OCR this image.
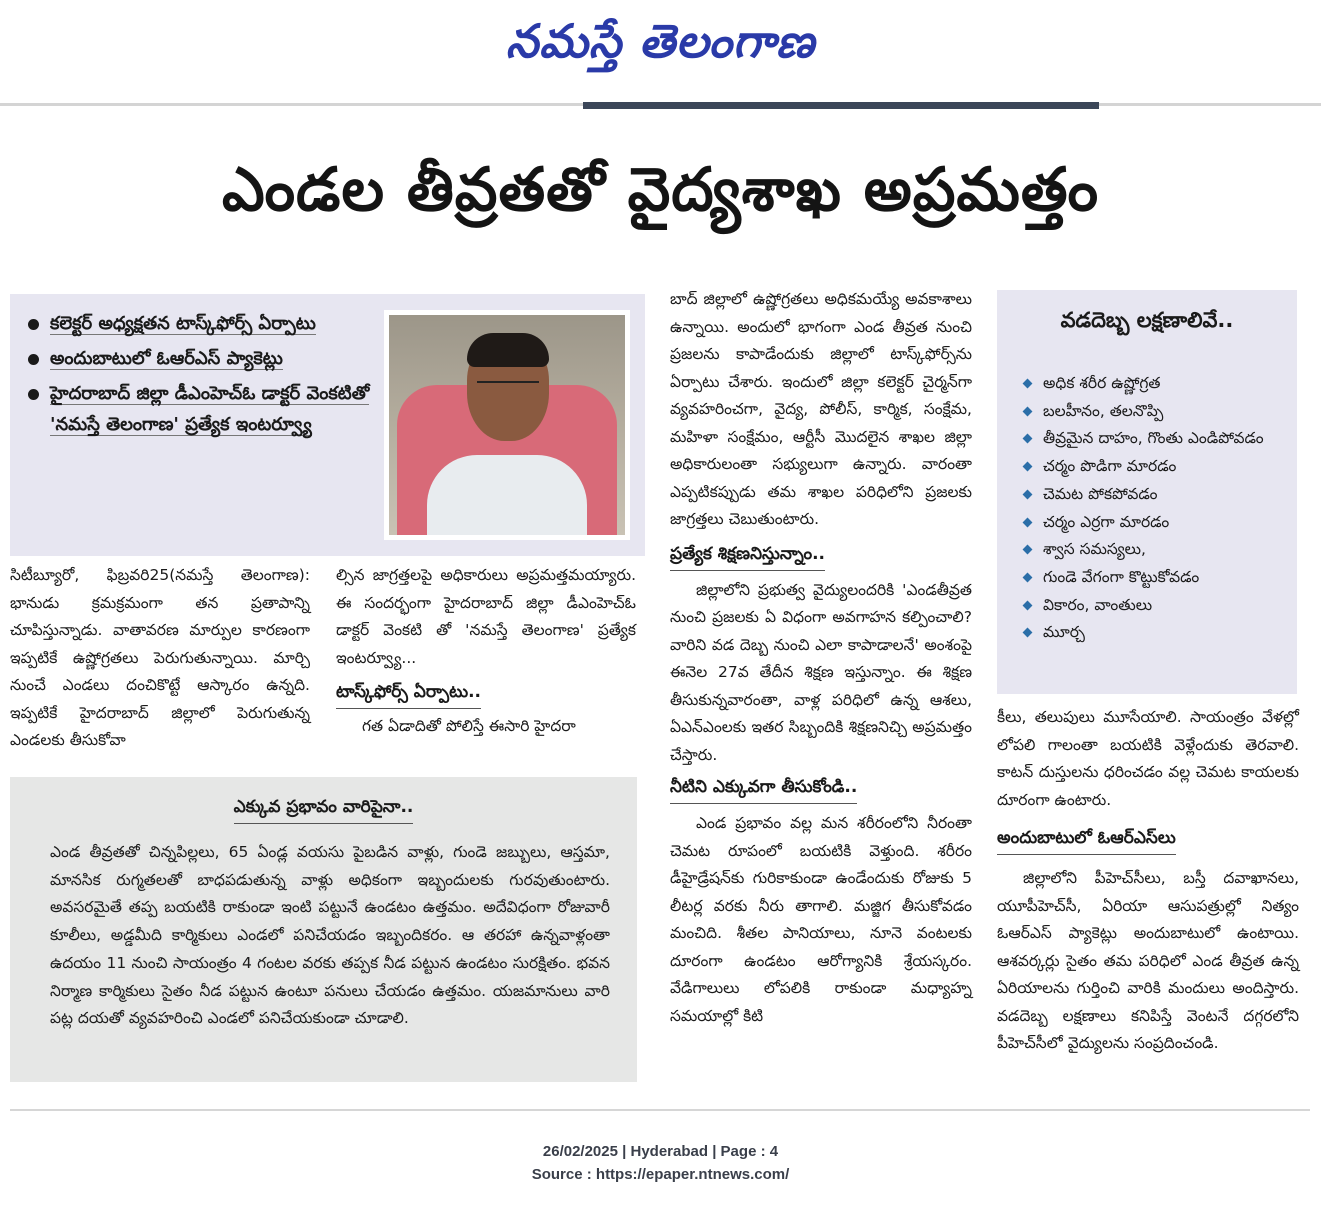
నమస్తే తెలంగాణ
ఎండల తీవ్రతతో వైద్యశాఖ అప్రమత్తం
కలెక్టర్ అధ్యక్షతన టాస్క్‌ఫోర్స్ ఏర్పాటు
అందుబాటులో ఓఆర్ఎస్ ప్యాకెట్లు
హైదరాబాద్ జిల్లా డీఎంహెచ్ఓ డాక్టర్ వెంకటితో 'నమస్తే తెలంగాణ' ప్రత్యేక ఇంటర్వ్యూ

సిటీబ్యూరో, ఫిబ్రవరి25(నమస్తే తెలంగాణ): భానుడు క్రమక్రమంగా తన ప్రతాపాన్ని చూపిస్తున్నాడు. వాతావరణ మార్పుల కారణంగా ఇప్పటికే ఉష్ణోగ్రతలు పెరుగుతున్నాయి. మార్చి నుంచే ఎండలు దంచికొట్టే ఆస్కారం ఉన్నది. ఇప్పటికే హైదరాబాద్ జిల్లాలో పెరుగుతున్న ఎండలకు తీసుకోవా

ల్సిన జాగ్రత్తలపై అధికారులు అప్రమత్తమయ్యారు. ఈ సందర్భంగా హైదరాబాద్ జిల్లా డీఎంహెచ్ఓ డాక్టర్ వెంకటి తో 'నమస్తే తెలంగాణ' ప్రత్యేక ఇంటర్వ్యూ...

టాస్క్‌ఫోర్స్ ఏర్పాటు..

గత ఏడాదితో పోలిస్తే ఈసారి హైదరా

బాద్ జిల్లాలో ఉష్ణోగ్రతలు అధికమయ్యే అవకాశాలు ఉన్నాయి. అందులో భాగంగా ఎండ తీవ్రత నుంచి ప్రజలను కాపాడేందుకు జిల్లాలో టాస్క్‌ఫోర్స్‌ను ఏర్పాటు చేశారు. ఇందులో జిల్లా కలెక్టర్ చైర్మన్‌గా వ్యవహరించగా, వైద్య, పోలీస్, కార్మిక, సంక్షేమ, మహిళా సంక్షేమం, ఆర్టీసీ మొదలైన శాఖల జిల్లా అధికారులంతా సభ్యులుగా ఉన్నారు. వారంతా ఎప్పటికప్పుడు తమ శాఖల పరిధిలోని ప్రజలకు జాగ్రత్తలు చెబుతుంటారు.

ప్రత్యేక శిక్షణనిస్తున్నాం..

జిల్లాలోని ప్రభుత్వ వైద్యులందరికి 'ఎండతీవ్రత నుంచి ప్రజలకు ఏ విధంగా అవగాహన కల్పించాలి? వారిని వడ దెబ్బ నుంచి ఎలా కాపాడాలనే' అంశంపై ఈనెల 27వ తేదీన శిక్షణ ఇస్తున్నాం. ఈ శిక్షణ తీసుకున్నవారంతా, వాళ్ల పరిధిలో ఉన్న ఆశలు, ఏఎన్ఎంలకు ఇతర సిబ్బందికి శిక్షణనిచ్చి అప్రమత్తం చేస్తారు.

నీటిని ఎక్కువగా తీసుకోండి..

ఎండ ప్రభావం వల్ల మన శరీరంలోని నీరంతా చెమట రూపంలో బయటికి వెళ్తుంది. శరీరం డీహైడ్రేషన్‌కు గురికాకుండా ఉండేందుకు రోజుకు 5 లీటర్ల వరకు నీరు తాగాలి. మజ్జిగ తీసుకోవడం మంచిది. శీతల పానియాలు, నూనె వంటలకు దూరంగా ఉండటం ఆరోగ్యానికి శ్రేయస్కరం. వేడిగాలులు లోపలికి రాకుండా మధ్యాహ్న సమయాల్లో కిటి

వడదెబ్బ లక్షణాలివే..
అధిక శరీర ఉష్ణోగ్రత
బలహీనం, తలనొప్పి
తీవ్రమైన దాహం, గొంతు ఎండిపోవడం
చర్మం పొడిగా మారడం
చెమట పోకపోవడం
చర్మం ఎర్రగా మారడం
శ్వాస సమస్యలు,
గుండె వేగంగా కొట్టుకోవడం
వికారం, వాంతులు
మూర్చ

కీలు, తలుపులు మూసేయాలి. సాయంత్రం వేళల్లో లోపలి గాలంతా బయటికి వెళ్లేందుకు తెరవాలి. కాటన్ దుస్తులను ధరించడం వల్ల చెమట కాయలకు దూరంగా ఉంటారు.

అందుబాటులో ఓఆర్ఎస్‌లు

జిల్లాలోని పీహెచ్‌సీలు, బస్తీ దవాఖానలు, యూపీహెచ్‌సీ, ఏరియా ఆసుపత్రుల్లో నిత్యం ఓఆర్ఎస్ ప్యాకెట్లు అందుబాటులో ఉంటాయి. ఆశవర్కర్లు సైతం తమ పరిధిలో ఎండ తీవ్రత ఉన్న ఏరియాలను గుర్తించి వారికి మందులు అందిస్తారు. వడదెబ్బ లక్షణాలు కనిపిస్తే వెంటనే దగ్గరలోని పీహెచ్‌సీలో వైద్యులను సంప్రదించండి.

ఎక్కువ ప్రభావం వారిపైనా..
ఎండ తీవ్రతతో చిన్నపిల్లలు, 65 ఏండ్ల వయసు పైబడిన వాళ్లు, గుండె జబ్బులు, ఆస్తమా, మానసిక రుగ్మతలతో బాధపడుతున్న వాళ్లు అధికంగా ఇబ్బందులకు గురవుతుంటారు. అవసరమైతే తప్ప బయటికి రాకుండా ఇంటి పట్టునే ఉండటం ఉత్తమం. అదేవిధంగా రోజువారీ కూలీలు, అడ్డమీది కార్మికులు ఎండలో పనిచేయడం ఇబ్బందికరం. ఆ తరహా ఉన్నవాళ్లంతా ఉదయం 11 నుంచి సాయంత్రం 4 గంటల వరకు తప్పక నీడ పట్టున ఉండటం సురక్షితం. భవన నిర్మాణ కార్మికులు సైతం నీడ పట్టున ఉంటూ పనులు చేయడం ఉత్తమం. యజమానులు వారి పట్ల దయతో వ్యవహరించి ఎండలో పనిచేయకుండా చూడాలి.
26/02/2025 | Hyderabad | Page : 4
Source : https://epaper.ntnews.com/
